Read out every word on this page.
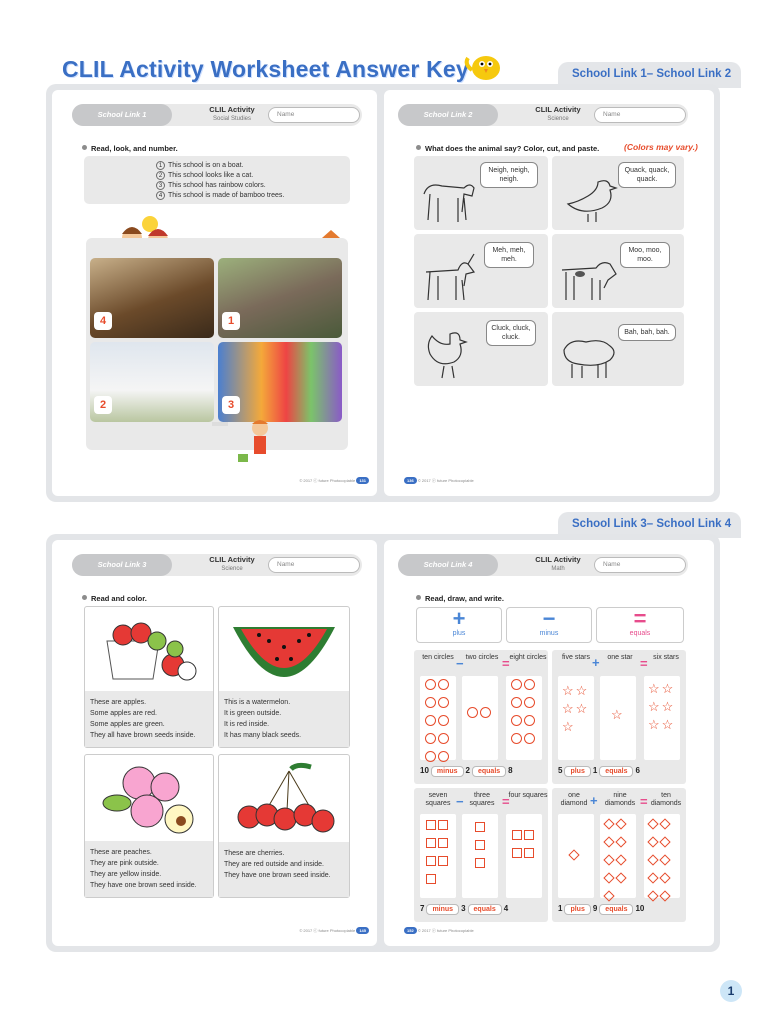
CLIL Activity Worksheet Answer Key	School Link 1– School Link 2
School Link 1
CLIL Activity
Social Studies
Name
Read, look, and number.
1 This school is on a boat.
2 This school looks like a cat.
3 This school has rainbow colors.
4 This school is made of bamboo trees.
4	1
2	3
© 2017 ⓔ future Photocopiable 131
School Link 2
CLIL Activity
Science
Name
What does the animal say? Color, cut, and paste.	(Colors may vary.)
Neigh, neigh, neigh.
Quack, quack, quack.
Meh, meh, meh.
Moo, moo, moo.
Cluck, cluck, cluck.
Bah, bah, bah.
136 © 2017 ⓔ future Photocopiable
School Link 3– School Link 4
School Link 3
CLIL Activity
Science
Name
Read and color.
These are apples.
Some apples are red.
Some apples are green.
They all have brown seeds inside.
This is a watermelon.
It is green outside.
It is red inside.
It has many black seeds.
These are peaches.
They are pink outside.
They are yellow inside.
They have one brown seed inside.
These are cherries.
They are red outside and inside.
They have one brown seed inside.
© 2017 ⓔ future Photocopiable 145
School Link 4
CLIL Activity
Math
Name
Read, draw, and write.
+
plus
−
minus
=
equals
ten circles − two circles = eight circles
10 minus 2 equals 8
five stars +	one star = six stars
☆ ☆☆ ☆☆
☆
☆ ☆☆ ☆☆ ☆
5 plus 1 equals 6
seven squares −	three squares =
four squares
7 minus 3 equals 4
one diamond +	nine diamonds =	ten diamonds
1 plus 9 equals 10
152 © 2017 ⓔ future Photocopiable
1
